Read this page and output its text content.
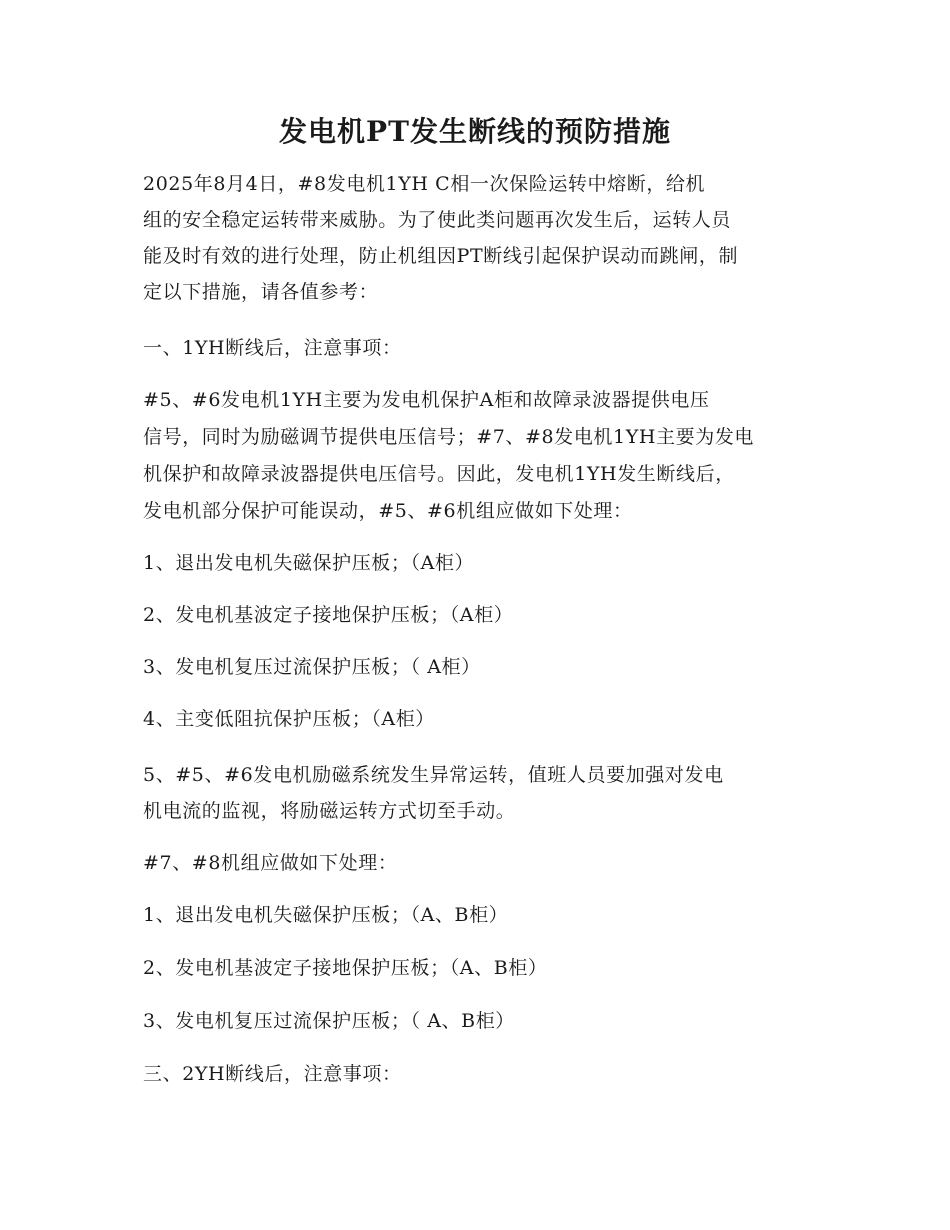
发电机PT发生断线的预防措施
2025年8月4日，#8发电机1YH C相一次保险运转中熔断，给机
组的安全稳定运转带来威胁。为了使此类问题再次发生后，运转人员
能及时有效的进行处理，防止机组因PT断线引起保护误动而跳闸，制
定以下措施，请各值参考：
一、1YH断线后，注意事项：
#5、#6发电机1YH主要为发电机保护A柜和故障录波器提供电压
信号，同时为励磁调节提供电压信号；#7、#8发电机1YH主要为发电
机保护和故障录波器提供电压信号。因此，发电机1YH发生断线后，
发电机部分保护可能误动，#5、#6机组应做如下处理：
1、退出发电机失磁保护压板；（A柜）
2、发电机基波定子接地保护压板；（A柜）
3、发电机复压过流保护压板；（ A柜）
4、主变低阻抗保护压板；（A柜）
5、#5、#6发电机励磁系统发生异常运转，值班人员要加强对发电
机电流的监视，将励磁运转方式切至手动。
#7、#8机组应做如下处理：
1、退出发电机失磁保护压板；（A、B柜）
2、发电机基波定子接地保护压板；（A、B柜）
3、发电机复压过流保护压板；（ A、B柜）
三、2YH断线后，注意事项：
